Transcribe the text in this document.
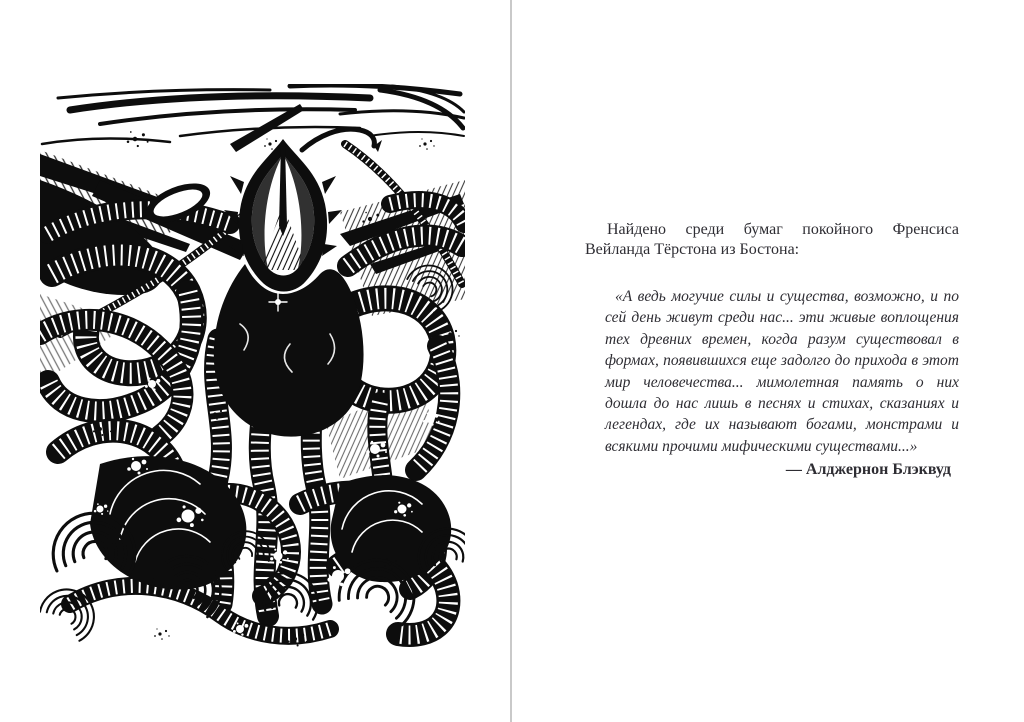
Найдено среди бумаг покойного Френсиса Вейланда Тёрстона из Бостона:

«А ведь могучие силы и существа, возможно, и по сей день живут среди нас... эти живые воплощения тех древних времен, когда разум существовал в формах, появившихся еще задолго до прихода в этот мир человечества... мимолетная память о них дошла до нас лишь в песнях и стихах, сказаниях и легендах, где их называют богами, монстрами и всякими прочими мифическими существами...»

— Алджернон Блэквуд
